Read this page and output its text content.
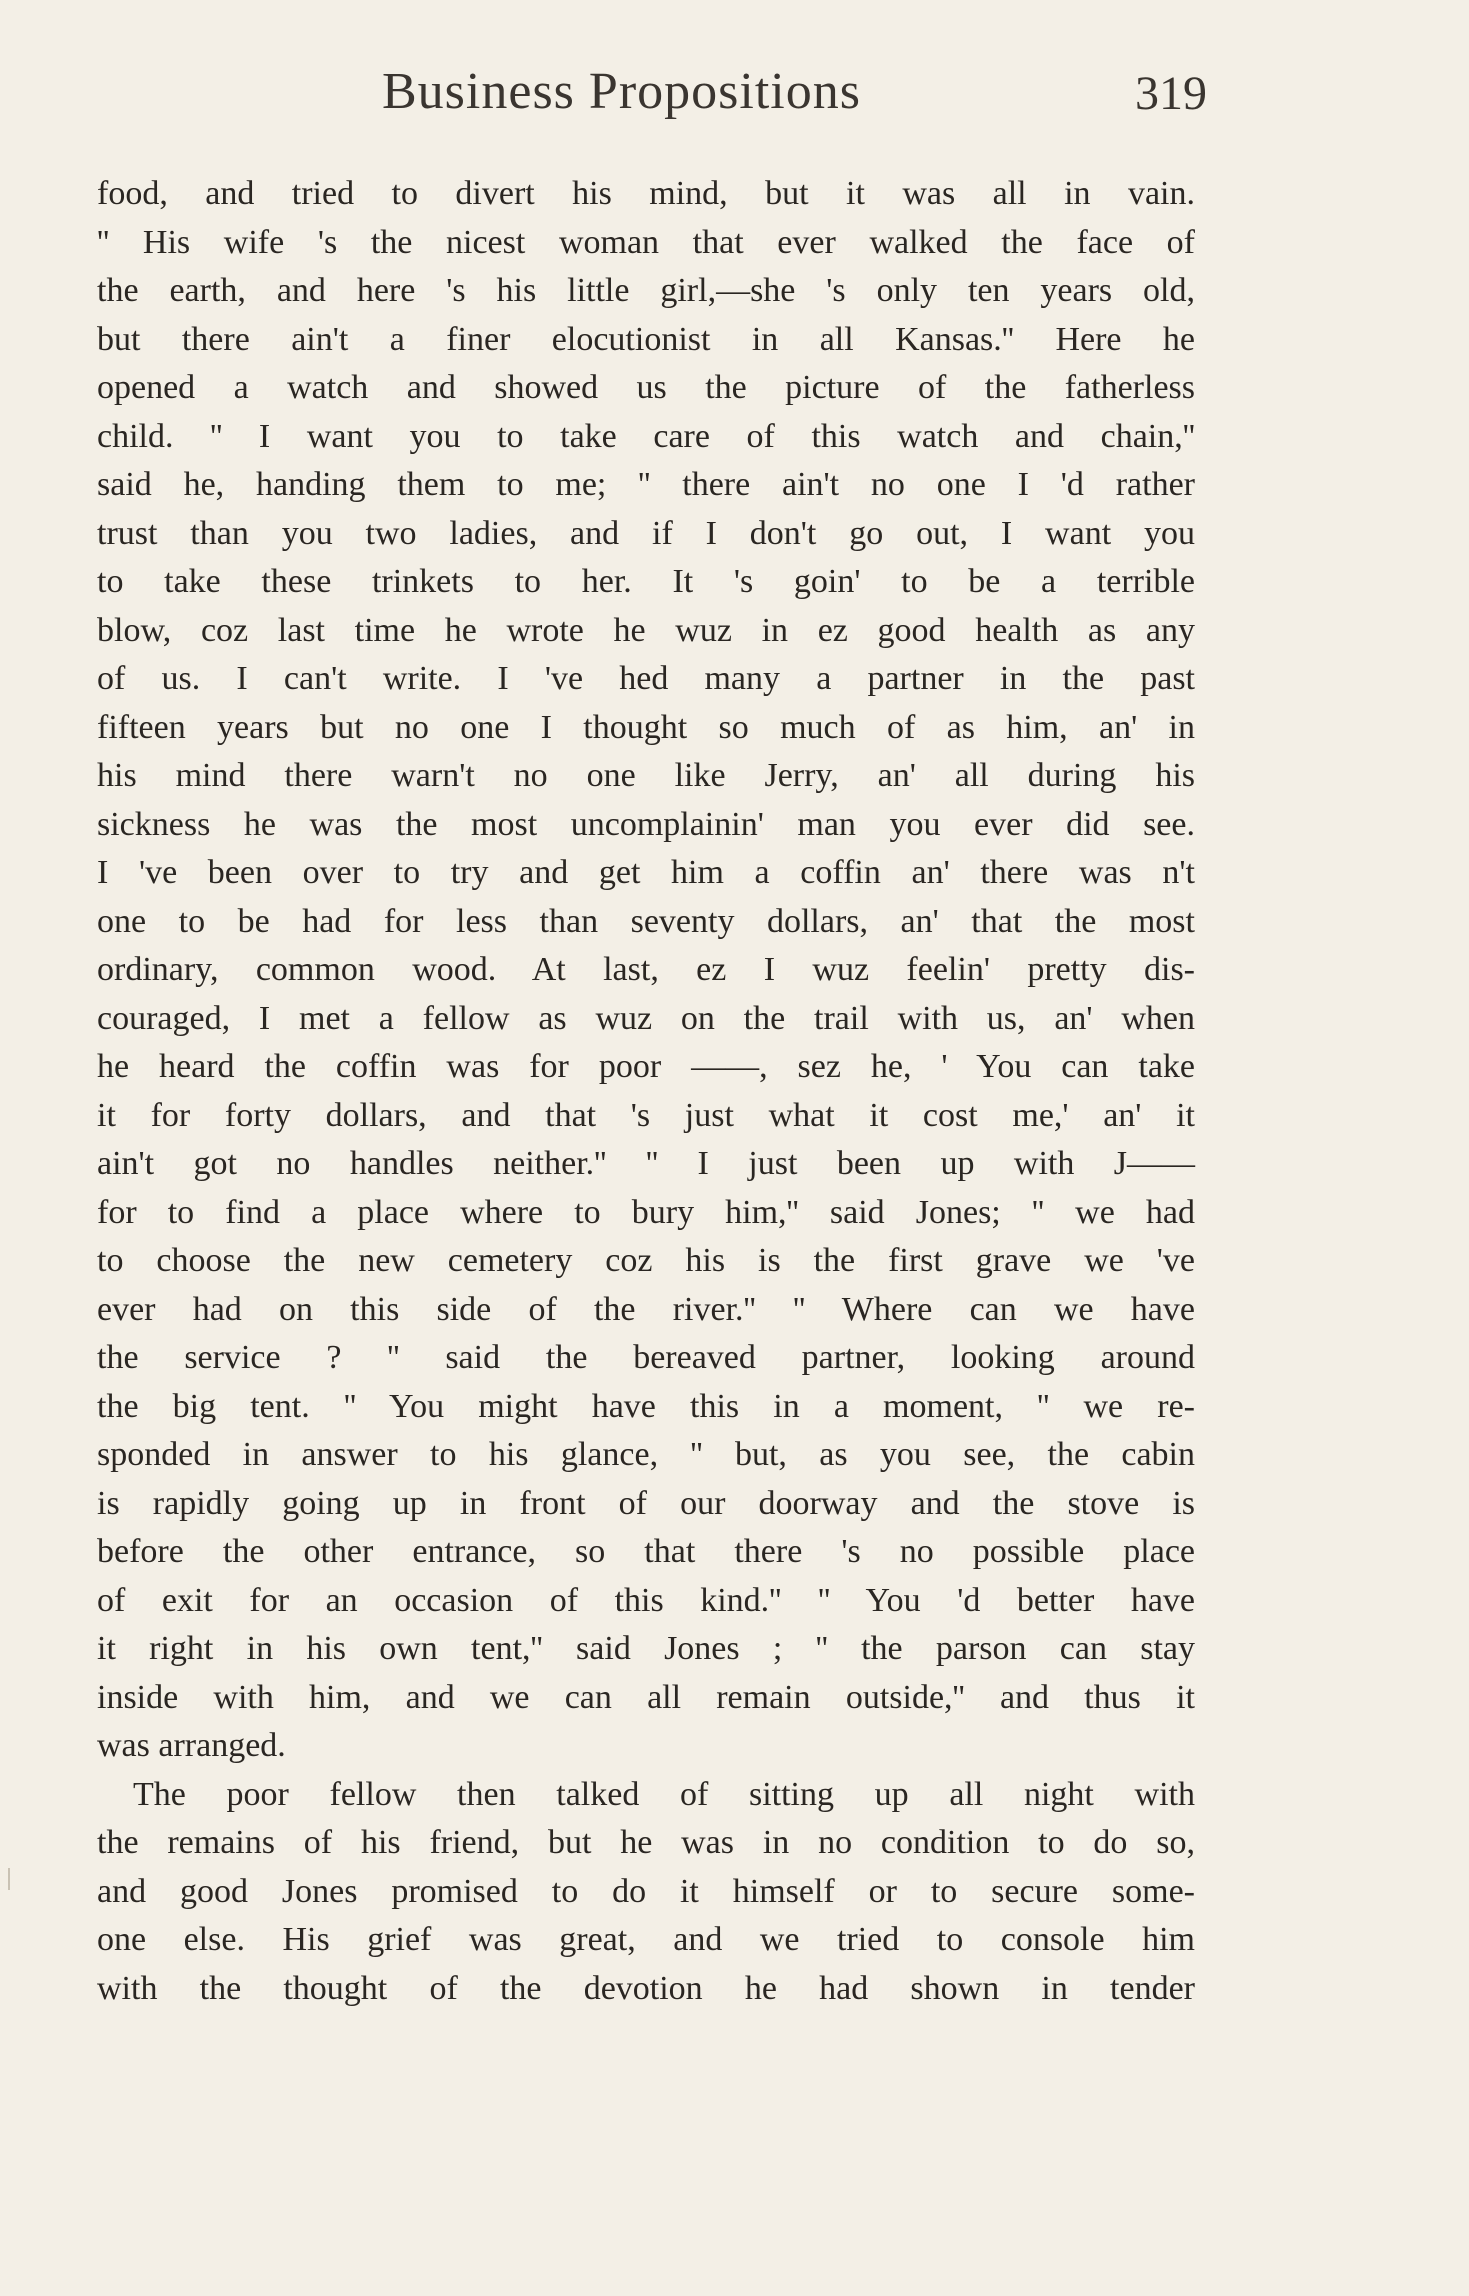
Business Propositions	319
food, and tried to divert his mind, but it was all in vain.
'' His wife 's the nicest woman that ever walked the face of
the earth, and here 's his little girl,—she 's only ten years old,
but there ain't a finer elocutionist in all Kansas.'' Here he
opened a watch and showed us the picture of the fatherless
child. '' I want you to take care of this watch and chain,''
said he, handing them to me; '' there ain't no one I 'd rather
trust than you two ladies, and if I don't go out, I want you
to take these trinkets to her. It 's goin' to be a terrible
blow, coz last time he wrote he wuz in ez good health as any
of us. I can't write. I 've hed many a partner in the past
fifteen years but no one I thought so much of as him, an' in
his mind there warn't no one like Jerry, an' all during his
sickness he was the most uncomplainin' man you ever did see.
I 've been over to try and get him a coffin an' there was n't
one to be had for less than seventy dollars, an' that the most
ordinary, common wood. At last, ez I wuz feelin' pretty dis-
couraged, I met a fellow as wuz on the trail with us, an' when
he heard the coffin was for poor ——, sez he, ' You can take
it for forty dollars, and that 's just what it cost me,' an' it
ain't got no handles neither.'' '' I just been up with J——
for to find a place where to bury him,'' said Jones; '' we had
to choose the new cemetery coz his is the first grave we 've
ever had on this side of the river.'' '' Where can we have
the service ? '' said the bereaved partner, looking around
the big tent. '' You might have this in a moment, '' we re-
sponded in answer to his glance, '' but, as you see, the cabin
is rapidly going up in front of our doorway and the stove is
before the other entrance, so that there 's no possible place
of exit for an occasion of this kind.'' '' You 'd better have
it right in his own tent,'' said Jones ; '' the parson can stay
inside with him, and we can all remain outside,'' and thus it
was arranged.
The poor fellow then talked of sitting up all night with
the remains of his friend, but he was in no condition to do so,
and good Jones promised to do it himself or to secure some-
one else. His grief was great, and we tried to console him
with the thought of the devotion he had shown in tender
